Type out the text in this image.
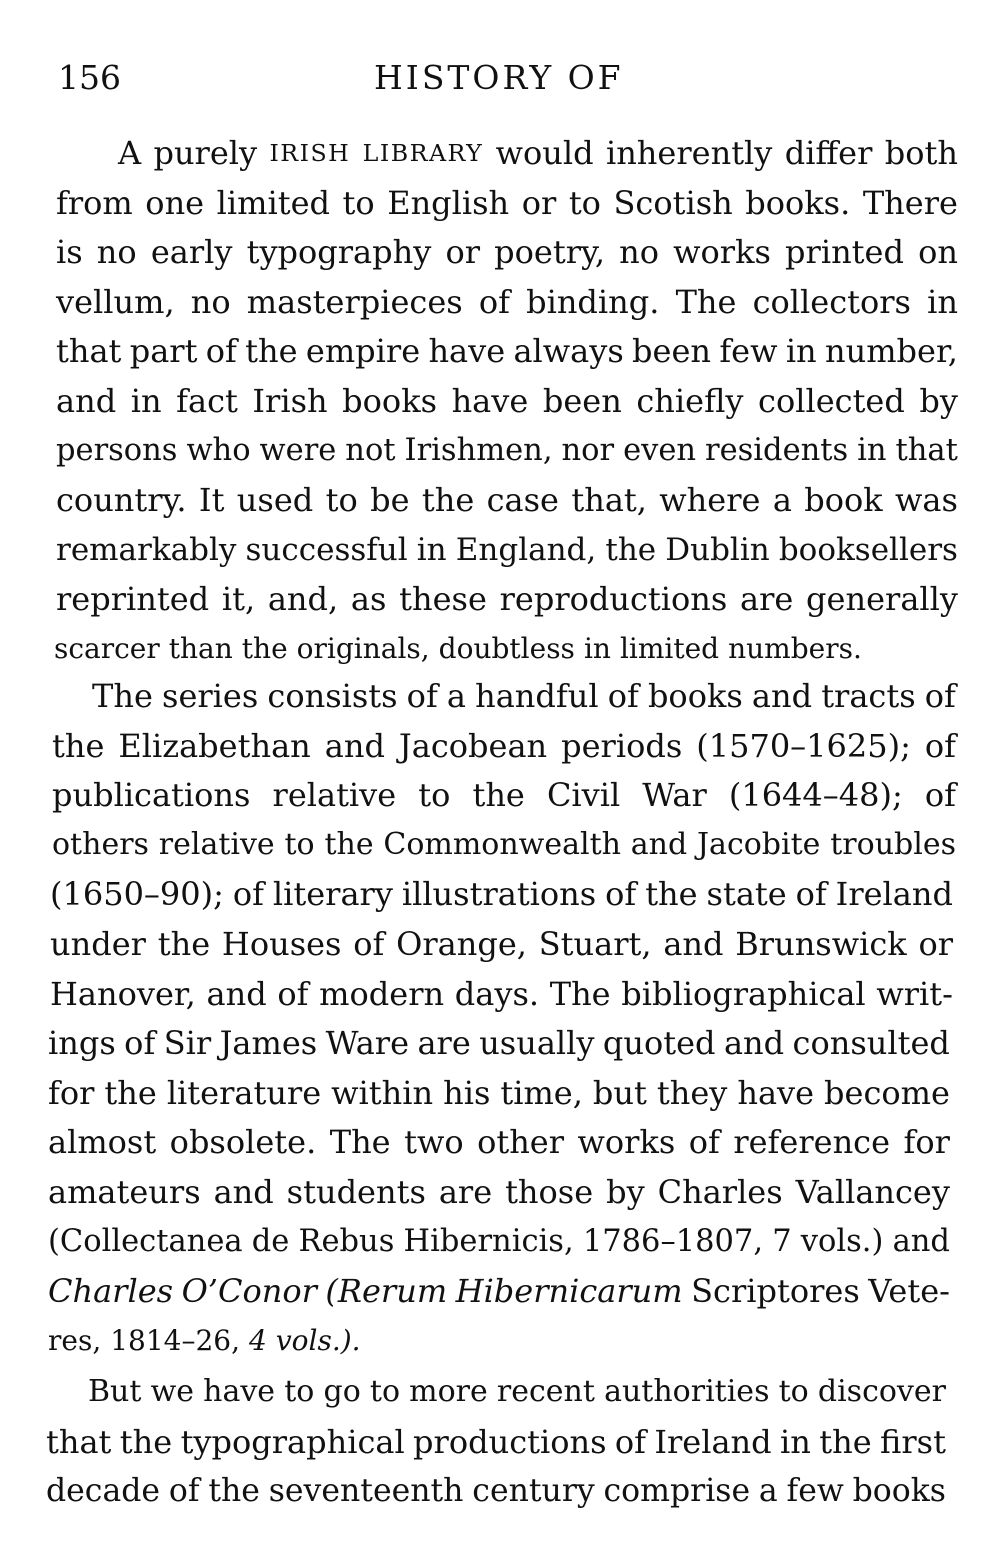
156	HISTORY OF
A purely IRISH LIBRARY would inherently differ both
from one limited to English or to Scotish books. There
is no early typography or poetry, no works printed on
vellum, no masterpieces of binding. The collectors in
that part of the empire have always been few in number,
and in fact Irish books have been chiefly collected by
persons who were not Irishmen, nor even residents in that
country. It used to be the case that, where a book was
remarkably successful in England, the Dublin booksellers
reprinted it, and, as these reproductions are generally
scarcer than the originals, doubtless in limited numbers.
The series consists of a handful of books and tracts of
the Elizabethan and Jacobean periods (1570–1625); of
publications relative to the Civil War (1644–48); of
others relative to the Commonwealth and Jacobite troubles
(1650–90); of literary illustrations of the state of Ireland
under the Houses of Orange, Stuart, and Brunswick or
Hanover, and of modern days. The bibliographical writ-
ings of Sir James Ware are usually quoted and consulted
for the literature within his time, but they have become
almost obsolete. The two other works of reference for
amateurs and students are those by Charles Vallancey
(Collectanea de Rebus Hibernicis, 1786–1807, 7 vols.) and
Charles O’Conor (Rerum Hibernicarum Scriptores Vete-
res, 1814–26, 4 vols.).
But we have to go to more recent authorities to discover
that the typographical productions of Ireland in the first
decade of the seventeenth century comprise a few books
